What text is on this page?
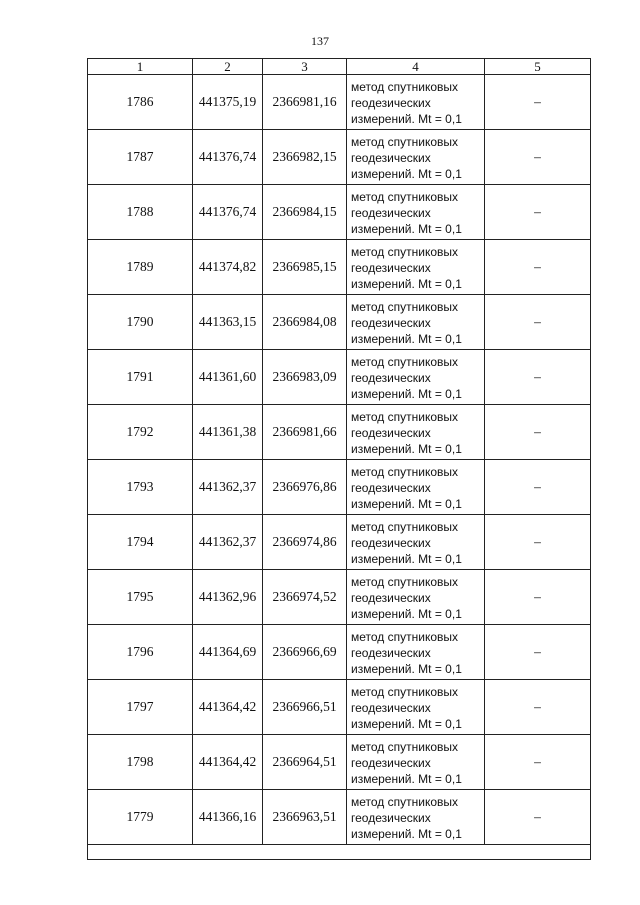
137
1	2	3	4	5
1786	441375,19	2366981,16	метод спутниковых
геодезических
измерений. Mt = 0,1	–
1787	441376,74	2366982,15	метод спутниковых
геодезических
измерений. Mt = 0,1	–
1788	441376,74	2366984,15	метод спутниковых
геодезических
измерений. Mt = 0,1	–
1789	441374,82	2366985,15	метод спутниковых
геодезических
измерений. Mt = 0,1	–
1790	441363,15	2366984,08	метод спутниковых
геодезических
измерений. Mt = 0,1	–
1791	441361,60	2366983,09	метод спутниковых
геодезических
измерений. Mt = 0,1	–
1792	441361,38	2366981,66	метод спутниковых
геодезических
измерений. Mt = 0,1	–
1793	441362,37	2366976,86	метод спутниковых
геодезических
измерений. Mt = 0,1	–
1794	441362,37	2366974,86	метод спутниковых
геодезических
измерений. Mt = 0,1	–
1795	441362,96	2366974,52	метод спутниковых
геодезических
измерений. Mt = 0,1	–
1796	441364,69	2366966,69	метод спутниковых
геодезических
измерений. Mt = 0,1	–
1797	441364,42	2366966,51	метод спутниковых
геодезических
измерений. Mt = 0,1	–
1798	441364,42	2366964,51	метод спутниковых
геодезических
измерений. Mt = 0,1	–
1779	441366,16	2366963,51	метод спутниковых
геодезических
измерений. Mt = 0,1	–
